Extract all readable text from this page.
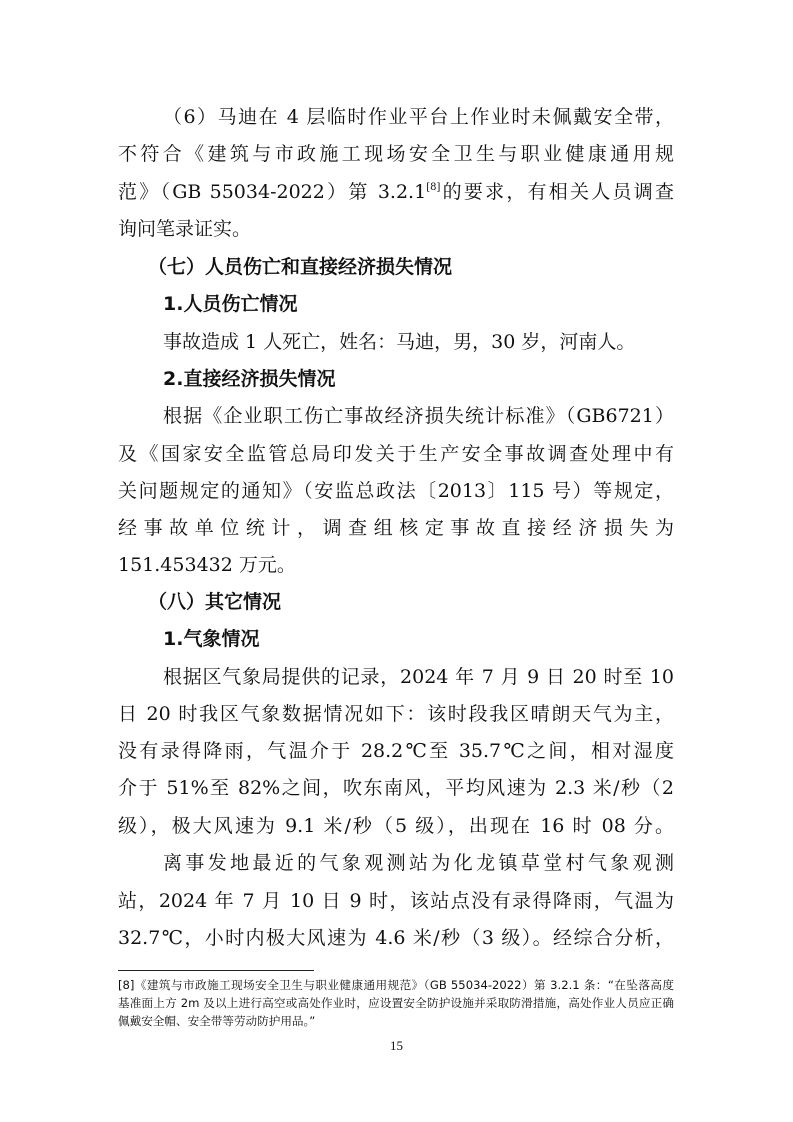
（6）马迪在 4 层临时作业平台上作业时未佩戴安全带，
不符合《建筑与市政施工现场安全卫生与职业健康通用规
范》（GB 55034-2022）第 3.2.1[8]的要求，有相关人员调查
询问笔录证实。
（七）人员伤亡和直接经济损失情况
1.人员伤亡情况
事故造成 1 人死亡，姓名：马迪，男，30 岁，河南人。
2.直接经济损失情况
根据《企业职工伤亡事故经济损失统计标准》（GB6721）
及《国家安全监管总局印发关于生产安全事故调查处理中有
关问题规定的通知》（安监总政法〔2013〕115 号）等规定，
经事故单位统计，调查组核定事故直接经济损失为
151.453432 万元。
（八）其它情况
1.气象情况
根据区气象局提供的记录，2024 年 7 月 9 日 20 时至 10
日 20 时我区气象数据情况如下：该时段我区晴朗天气为主，
没有录得降雨，气温介于 28.2℃至 35.7℃之间，相对湿度
介于 51%至 82%之间，吹东南风，平均风速为 2.3 米/秒（2
级），极大风速为 9.1 米/秒（5 级），出现在 16 时 08 分。
离事发地最近的气象观测站为化龙镇草堂村气象观测
站，2024 年 7 月 10 日 9 时，该站点没有录得降雨，气温为
32.7℃，小时内极大风速为 4.6 米/秒（3 级）。经综合分析，
[8]《建筑与市政施工现场安全卫生与职业健康通用规范》（GB 55034-2022）第 3.2.1 条：“在坠落高度
基准面上方 2m 及以上进行高空或高处作业时，应设置安全防护设施并采取防滑措施，高处作业人员应正确
佩戴安全帽、安全带等劳动防护用品。”
15
